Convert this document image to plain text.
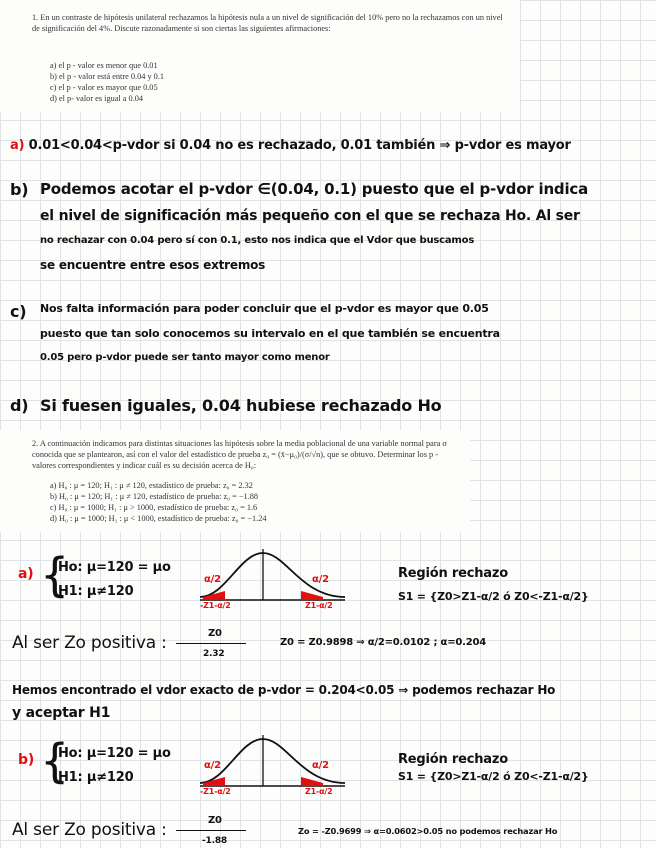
1. En un contraste de hipótesis unilateral rechazamos la hipótesis nula a un nivel de significación del 10% pero no la rechazamos con un nivel de significación del 4%. Discute razonadamente si son ciertas las siguientes afirmaciones:
a) el p - valor es menor que 0.01
b) el p - valor está entre 0.04 y 0.1
c) el p - valor es mayor que 0.05
d) el p- valor es igual a 0.04
a) 0.01<0.04<p-vdor si 0.04 no es rechazado, 0.01 también ⇒ p-vdor es mayor
b) Podemos acotar el p-vdor ∈(0.04, 0.1) puesto que el p-vdor indica
el nivel de significación más pequeño con el que se rechaza Ho. Al ser
no rechazar con 0.04 pero sí con 0.1, esto nos indica que el Vdor que buscamos
se encuentre entre esos extremos
c) Nos falta información para poder concluir que el p-vdor es mayor que 0.05
puesto que tan solo conocemos su intervalo en el que también se encuentra
0.05 pero p-vdor puede ser tanto mayor como menor
d) Si fuesen iguales, 0.04 hubiese rechazado Ho
2. A continuación indicamos para distintas situaciones las hipótesis sobre la media poblacional de una variable normal para σ conocida que se plantearon, así con el valor del estadístico de prueba z₀ = (x̄−μ₀)/(σ/√n), que se obtuvo. Determinar los p - valores correspondientes y indicar cuál es su decisión acerca de H₀:
a) H₀ : μ = 120; H₁ : μ ≠ 120, estadístico de prueba: z₀ = 2.32
b) H₀ : μ = 120; H₁ : μ ≠ 120, estadístico de prueba: z₀ = −1.88
c) H₀ : μ = 1000; H₁ : μ > 1000, estadístico de prueba: z₀ = 1.6
d) H₀ : μ = 1000; H₁ : μ < 1000, estadístico de prueba: z₀ = −1.24
a) {
Ho: μ=120 = μo
H1: μ≠120
α/2	α/2
-Z1-α/2	Z1-α/2
Región rechazo
S1 = {Z0>Z1-α/2 ó Z0<-Z1-α/2}
Al ser Zo positiva :	Z0
2.32
Z0 = Z0.9898 ⇒ α/2=0.0102 ; α=0.204
Hemos encontrado el vdor exacto de p-vdor = 0.204<0.05 ⇒ podemos rechazar Ho
y aceptar H1
b) {
Ho: μ=120 = μo
H1: μ≠120
α/2	α/2
-Z1-α/2	Z1-α/2
Región rechazo
S1 = {Z0>Z1-α/2 ó Z0<-Z1-α/2}
Al ser Zo positiva :	Z0
-1.88
Zo = -Z0.9699 ⇒ α=0.0602>0.05 no podemos rechazar Ho
